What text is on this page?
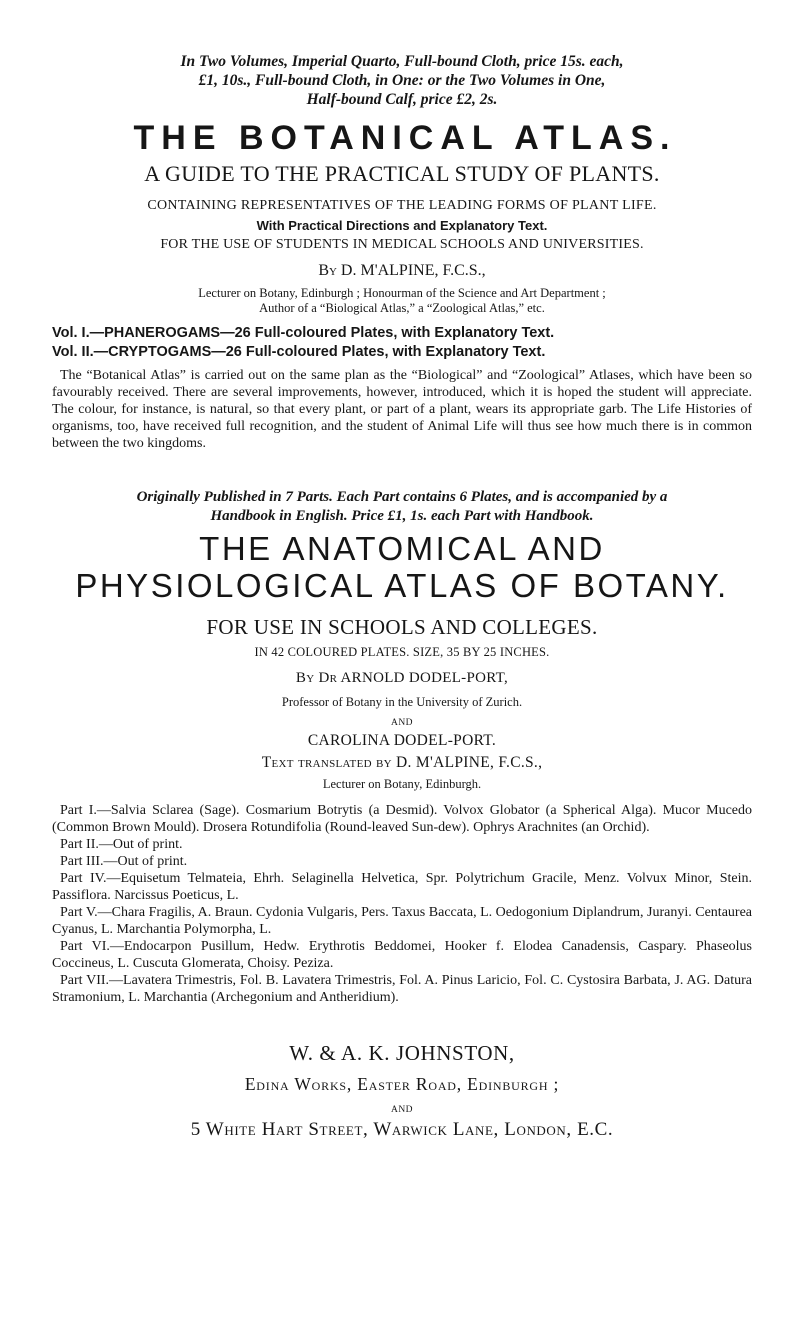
In Two Volumes, Imperial Quarto, Full-bound Cloth, price 15s. each,
£1, 10s., Full-bound Cloth, in One: or the Two Volumes in One,
Half-bound Calf, price £2, 2s.
THE BOTANICAL ATLAS.
A GUIDE TO THE PRACTICAL STUDY OF PLANTS.
CONTAINING REPRESENTATIVES OF THE LEADING FORMS OF PLANT LIFE.
With Practical Directions and Explanatory Text.
FOR THE USE OF STUDENTS IN MEDICAL SCHOOLS AND UNIVERSITIES.
By D. M'ALPINE, F.C.S.,
Lecturer on Botany, Edinburgh ; Honourman of the Science and Art Department ;
Author of a “Biological Atlas,” a “Zoological Atlas,” etc.
Vol. I.—PHANEROGAMS—26 Full-coloured Plates, with Explanatory Text.
Vol. II.—CRYPTOGAMS—26 Full-coloured Plates, with Explanatory Text.

The “Botanical Atlas” is carried out on the same plan as the “Biological” and “Zoological” Atlases, which have been so favourably received. There are several improvements, however, introduced, which it is hoped the student will appreciate. The colour, for instance, is natural, so that every plant, or part of a plant, wears its appropriate garb. The Life Histories of organisms, too, have received full recognition, and the student of Animal Life will thus see how much there is in common between the two kingdoms.

Originally Published in 7 Parts. Each Part contains 6 Plates, and is accompanied by a
Handbook in English. Price £1, 1s. each Part with Handbook.
THE ANATOMICAL AND
PHYSIOLOGICAL ATLAS OF BOTANY.
FOR USE IN SCHOOLS AND COLLEGES.
IN 42 COLOURED PLATES. SIZE, 35 BY 25 INCHES.
By Dr ARNOLD DODEL-PORT,
Professor of Botany in the University of Zurich.
AND
CAROLINA DODEL-PORT.
Text translated by D. M'ALPINE, F.C.S.,
Lecturer on Botany, Edinburgh.

Part I.—Salvia Sclarea (Sage). Cosmarium Botrytis (a Desmid). Volvox Globator (a Spherical Alga). Mucor Mucedo (Common Brown Mould). Drosera Rotundifolia (Round-leaved Sun-dew). Ophrys Arachnites (an Orchid).

Part II.—Out of print.

Part III.—Out of print.

Part IV.—Equisetum Telmateia, Ehrh. Selaginella Helvetica, Spr. Polytrichum Gracile, Menz. Volvux Minor, Stein. Passiflora. Narcissus Poeticus, L.

Part V.—Chara Fragilis, A. Braun. Cydonia Vulgaris, Pers. Taxus Baccata, L. Oedogonium Diplandrum, Juranyi. Centaurea Cyanus, L. Marchantia Polymorpha, L.

Part VI.—Endocarpon Pusillum, Hedw. Erythrotis Beddomei, Hooker f. Elodea Canadensis, Caspary. Phaseolus Coccineus, L. Cuscuta Glomerata, Choisy. Peziza.

Part VII.—Lavatera Trimestris, Fol. B. Lavatera Trimestris, Fol. A. Pinus Laricio, Fol. C. Cystosira Barbata, J. AG. Datura Stramonium, L. Marchantia (Archegonium and Antheridium).

W. & A. K. JOHNSTON,
Edina Works, Easter Road, Edinburgh ;
AND
5 White Hart Street, Warwick Lane, London, E.C.
